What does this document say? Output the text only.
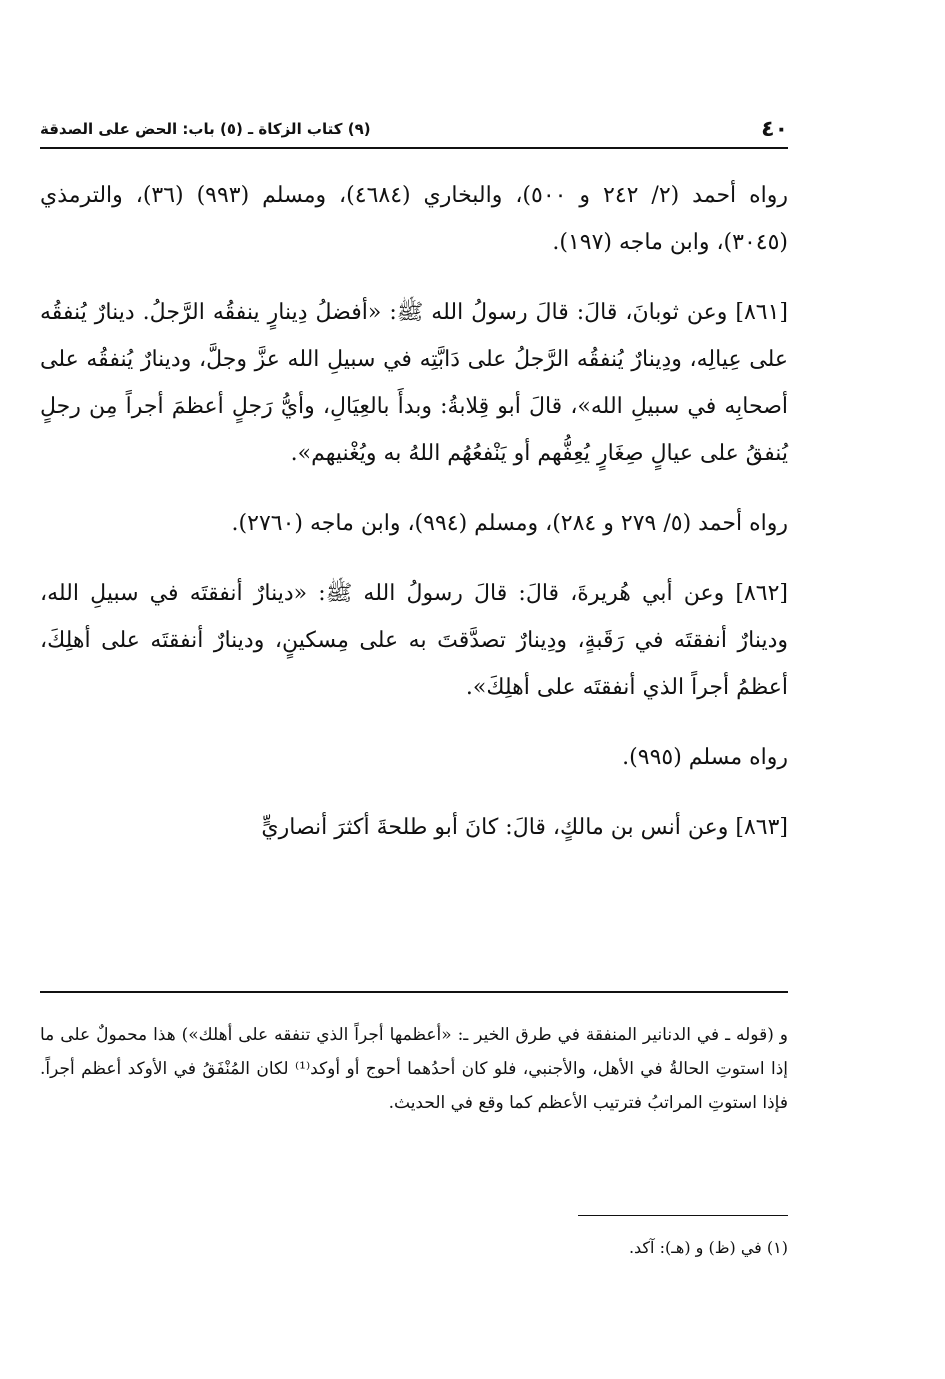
٤٠
(٩) كتاب الزكاة ـ (٥) باب: الحض على الصدقة

رواه أحمد (٢/ ٢٤٢ و ٥٠٠)، والبخاري (٤٦٨٤)، ومسلم (٩٩٣) (٣٦)، والترمذي (٣٠٤٥)، وابن ماجه (١٩٧).

[٨٦١] وعن ثوبانَ، قالَ: قالَ رسولُ الله ﷺ: «أفضلُ دِينارٍ ينفقُه الرَّجلُ. دينارٌ يُنفقُه على عِيالِه، ودِينارٌ يُنفقُه الرَّجلُ على دَابَّتِه في سبيلِ الله عزَّ وجلَّ، ودينارٌ يُنفقُه على أصحابِه في سبيلِ الله»، قالَ أبو قِلابةُ: وبدأَ بالعِيَالِ، وأيُّ رَجلٍ أعظمَ أجراً مِن رجلٍ يُنفقُ على عيالٍ صِغَارٍ يُعِفُّهم أو يَنْفعُهُم اللهُ به ويُغْنيهم».

رواه أحمد (٥/ ٢٧٩ و ٢٨٤)، ومسلم (٩٩٤)، وابن ماجه (٢٧٦٠).

[٨٦٢] وعن أبي هُريرةَ، قالَ: قالَ رسولُ الله ﷺ: «دينارٌ أنفقتَه في سبيلِ الله، ودينارٌ أنفقتَه في رَقَبةٍ، ودِينارٌ تصدَّقتَ به على مِسكينٍ، ودينارٌ أنفقتَه على أهلِكَ، أعظمُ أجراً الذي أنفقتَه على أهلِكَ».

رواه مسلم (٩٩٥).

[٨٦٣] وعن أنس بن مالكٍ، قالَ: كانَ أبو طلحةَ أكثرَ أنصاريٍّ

و (قوله ـ في الدنانير المنفقة في طرق الخير ـ: «أعظمها أجراً الذي تنفقه على أهلك») هذا محمولٌ على ما إذا استوتِ الحالةُ في الأهل، والأجنبي، فلو كان أحدُهما أحوج أو أوكد⁽¹⁾ لكان المُنْفَقُ في الأوكد أعظم أجراً. فإذا استوتِ المراتبُ فترتيب الأعظم كما وقع في الحديث.

(١) في (ظ) و (هـ): آكد.
